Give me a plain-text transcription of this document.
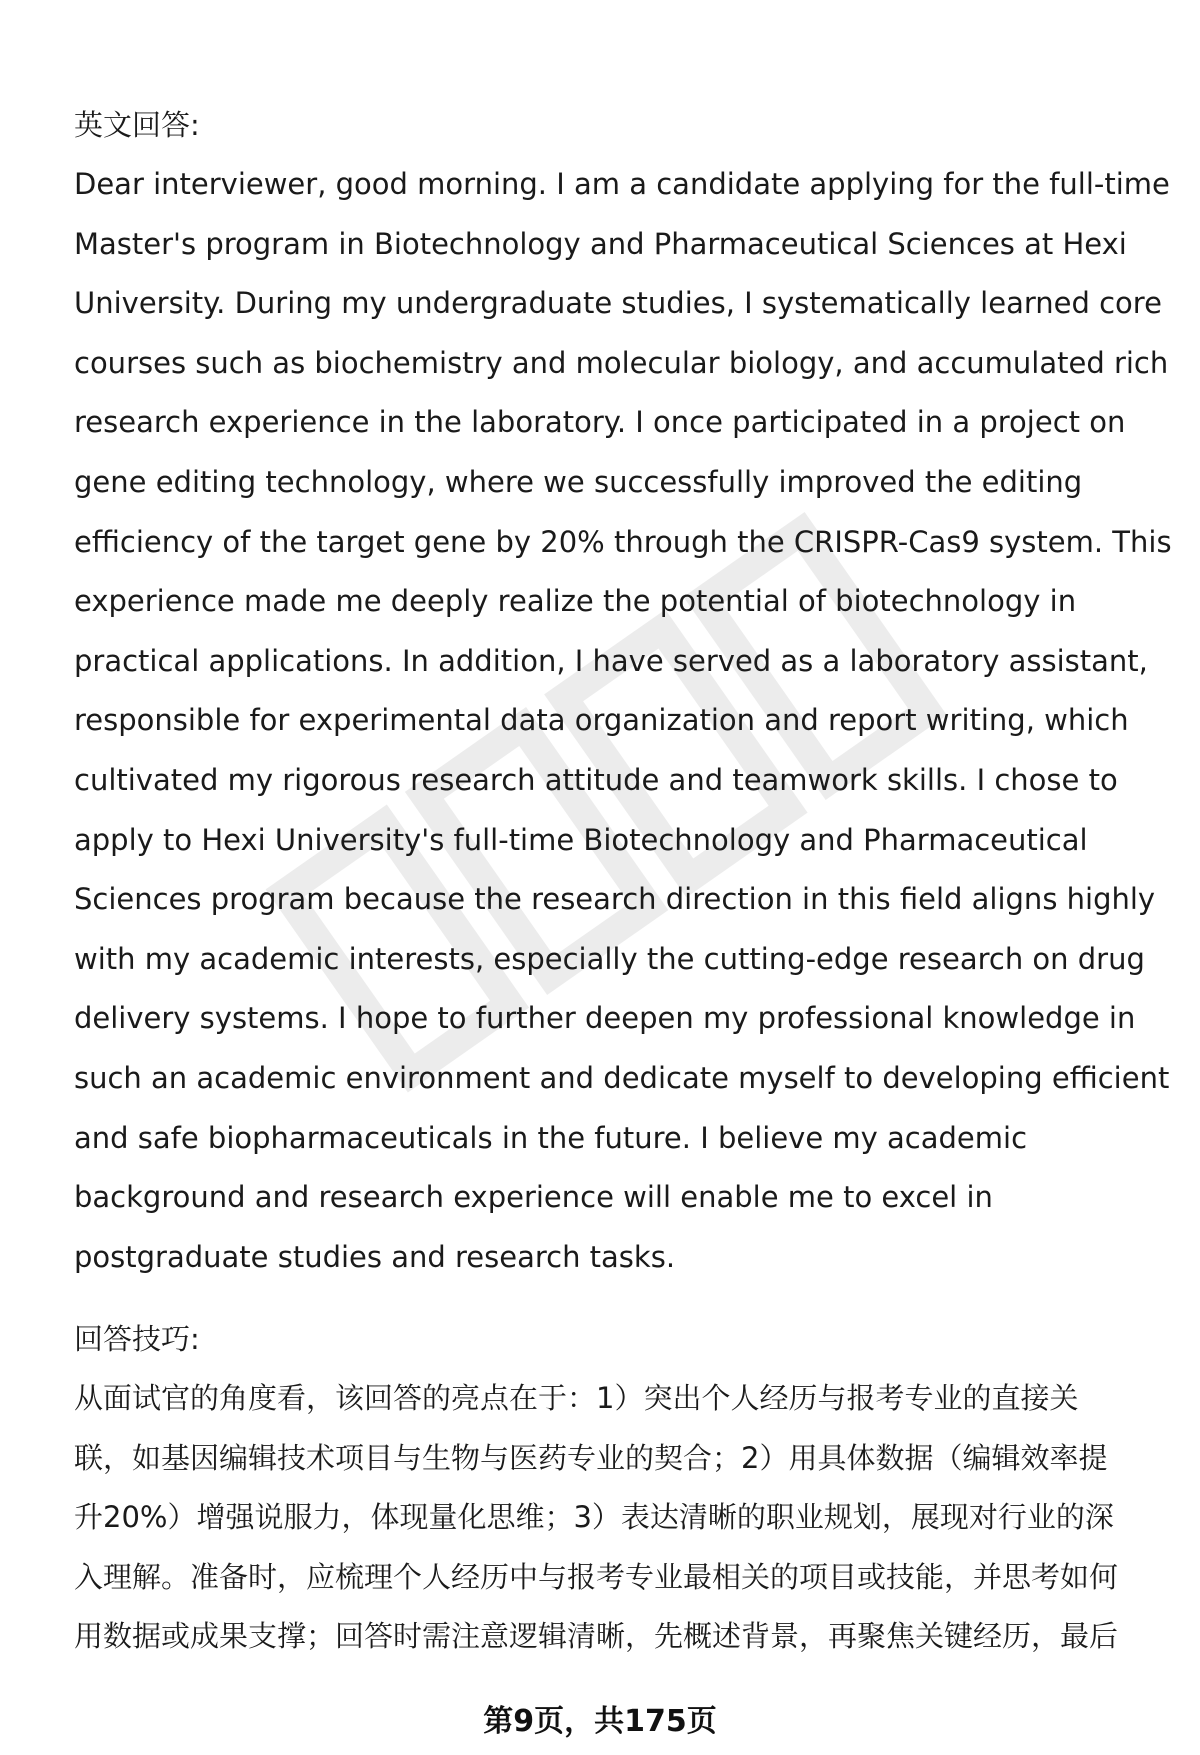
英文回答:

Dear interviewer, good morning. I am a candidate applying for the full-time

Master's program in Biotechnology and Pharmaceutical Sciences at Hexi

University. During my undergraduate studies, I systematically learned core

courses such as biochemistry and molecular biology, and accumulated rich

research experience in the laboratory. I once participated in a project on

gene editing technology, where we successfully improved the editing

efficiency of the target gene by 20% through the CRISPR-Cas9 system. This

experience made me deeply realize the potential of biotechnology in

practical applications. In addition, I have served as a laboratory assistant,

responsible for experimental data organization and report writing, which

cultivated my rigorous research attitude and teamwork skills. I chose to

apply to Hexi University's full-time Biotechnology and Pharmaceutical

Sciences program because the research direction in this field aligns highly

with my academic interests, especially the cutting-edge research on drug

delivery systems. I hope to further deepen my professional knowledge in

such an academic environment and dedicate myself to developing efficient

and safe biopharmaceuticals in the future. I believe my academic

background and research experience will enable me to excel in

postgraduate studies and research tasks.

回答技巧:

从面试官的角度看，该回答的亮点在于：1）突出个人经历与报考专业的直接关

联，如基因编辑技术项目与生物与医药专业的契合；2）用具体数据（编辑效率提

升20%）增强说服力，体现量化思维；3）表达清晰的职业规划，展现对行业的深

入理解。准备时，应梳理个人经历中与报考专业最相关的项目或技能，并思考如何

用数据或成果支撑；回答时需注意逻辑清晰，先概述背景，再聚焦关键经历，最后

第9页，共175页
